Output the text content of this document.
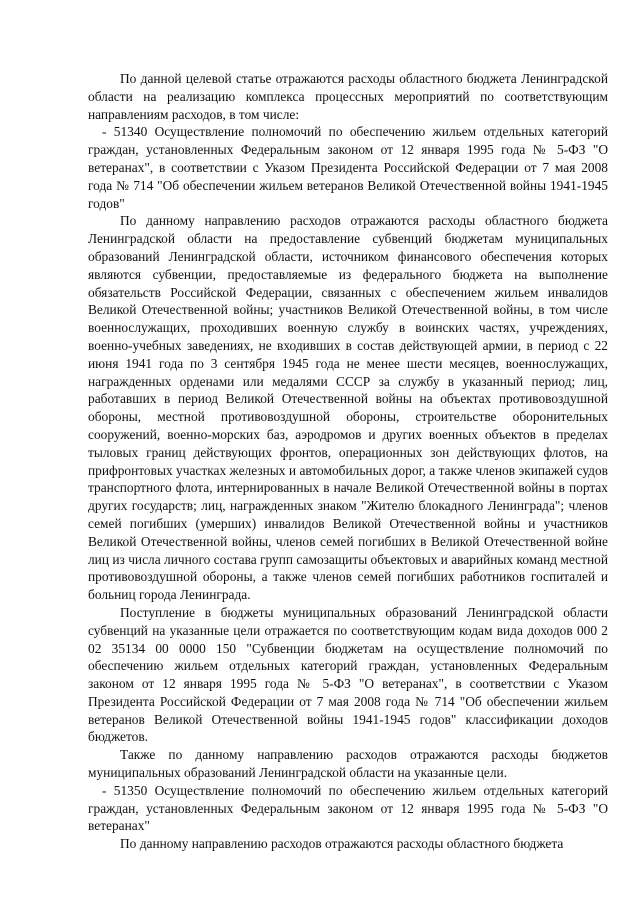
По данной целевой статье отражаются расходы областного бюджета Ленинградской области на реализацию комплекса процессных мероприятий по соответствующим направлениям расходов, в том числе:

- 51340 Осуществление полномочий по обеспечению жильем отдельных категорий граждан, установленных Федеральным законом от 12 января 1995 года № 5-ФЗ "О ветеранах", в соответствии с Указом Президента Российской Федерации от 7 мая 2008 года № 714 "Об обеспечении жильем ветеранов Великой Отечественной войны 1941-1945 годов"

По данному направлению расходов отражаются расходы областного бюджета Ленинградской области на предоставление субвенций бюджетам муниципальных образований Ленинградской области, источником финансового обеспечения которых являются субвенции, предоставляемые из федерального бюджета на выполнение обязательств Российской Федерации, связанных с обеспечением жильем инвалидов Великой Отечественной войны; участников Великой Отечественной войны, в том числе военнослужащих, проходивших военную службу в воинских частях, учреждениях, военно-учебных заведениях, не входивших в состав действующей армии, в период с 22 июня 1941 года по 3 сентября 1945 года не менее шести месяцев, военнослужащих, награжденных орденами или медалями СССР за службу в указанный период; лиц, работавших в период Великой Отечественной войны на объектах противовоздушной обороны, местной противовоздушной обороны, строительстве оборонительных сооружений, военно-морских баз, аэродромов и других военных объектов в пределах тыловых границ действующих фронтов, операционных зон действующих флотов, на прифронтовых участках железных и автомобильных дорог, а также членов экипажей судов транспортного флота, интернированных в начале Великой Отечественной войны в портах других государств; лиц, награжденных знаком "Жителю блокадного Ленинграда"; членов семей погибших (умерших) инвалидов Великой Отечественной войны и участников Великой Отечественной войны, членов семей погибших в Великой Отечественной войне лиц из числа личного состава групп самозащиты объектовых и аварийных команд местной противовоздушной обороны, а также членов семей погибших работников госпиталей и больниц города Ленинграда.

Поступление в бюджеты муниципальных образований Ленинградской области субвенций на указанные цели отражается по соответствующим кодам вида доходов 000 2 02 35134 00 0000 150 "Субвенции бюджетам на осуществление полномочий по обеспечению жильем отдельных категорий граждан, установленных Федеральным законом от 12 января 1995 года № 5-ФЗ "О ветеранах", в соответствии с Указом Президента Российской Федерации от 7 мая 2008 года № 714 "Об обеспечении жильем ветеранов Великой Отечественной войны 1941-1945 годов" классификации доходов бюджетов.

Также по данному направлению расходов отражаются расходы бюджетов муниципальных образований Ленинградской области на указанные цели.

- 51350 Осуществление полномочий по обеспечению жильем отдельных категорий граждан, установленных Федеральным законом от 12 января 1995 года № 5-ФЗ "О ветеранах"

По данному направлению расходов отражаются расходы областного бюджета
